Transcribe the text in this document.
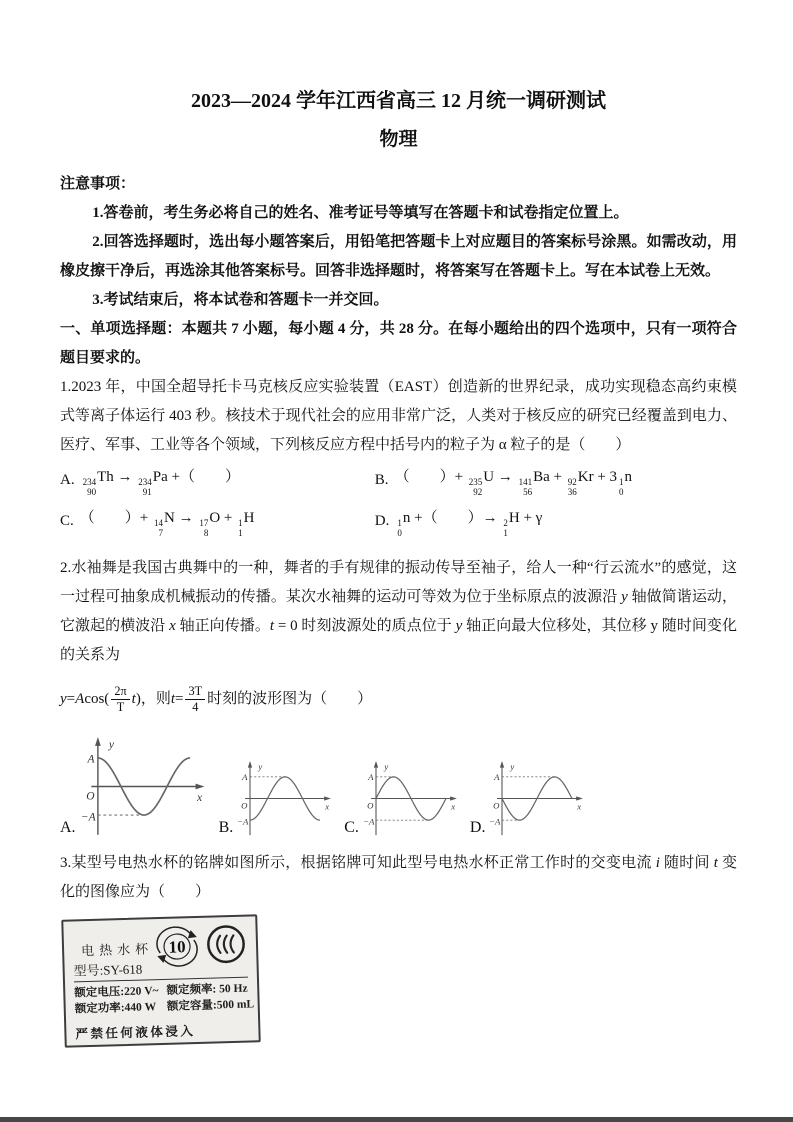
2023—2024 学年江西省高三 12 月统一调研测试
物理

注意事项：

1.答卷前，考生务必将自己的姓名、准考证号等填写在答题卡和试卷指定位置上。

2.回答选择题时，选出每小题答案后，用铅笔把答题卡上对应题目的答案标号涂黑。如需改动，用橡皮擦干净后，再选涂其他答案标号。回答非选择题时，将答案写在答题卡上。写在本试卷上无效。

3.考试结束后，将本试卷和答题卡一并交回。

一、单项选择题：本题共 7 小题，每小题 4 分，共 28 分。在每小题给出的四个选项中，只有一项符合题目要求的。

1.2023 年，中国全超导托卡马克核反应实验装置（EAST）创造新的世界纪录，成功实现稳态高约束模式等离子体运行 403 秒。核技术于现代社会的应用非常广泛，人类对于核反应的研究已经覆盖到电力、医疗、军事、工业等各个领域，下列核反应方程中括号内的粒子为 α 粒子的是（　　）

A. 234
90
Th → 234
91
Pa +（　　）	B. （　　）+ 235
92
U → 141
56
Ba + 92
36
Kr + 3 1
0
n
C. （　　）+ 14
7
N → 17
8
O + 1
1
H	D. 1
0
n +（　　）→ 2
1
H + γ

2.水袖舞是我国古典舞中的一种，舞者的手有规律的振动传导至袖子，给人一种“行云流水”的感觉，这一过程可抽象成机械振动的传播。某次水袖舞的运动可等效为位于坐标原点的波源沿 y 轴做简谐运动，它激起的横波沿 x 轴正向传播。t = 0 时刻波源处的质点位于 y 轴正向最大位移处，其位移 y 随时间变化的关系为

y = A $\cos( \frac{2\pi}{T}$ t )，则 $t = \frac{3T}{4}$ 时刻的波形图为（　　）
A.
y
x
A
O
−A
B.
y
x
A
O
−A	C.
y
x
A
O
−A	D.
y
x
A
O
−A

3.某型号电热水杯的铭牌如图所示，根据铭牌可知此型号电热水杯正常工作时的交变电流 i 随时间 t 变化的图像应为（　　）

电热水杯
型号:SY-618
10
额定电压:220 V~ 额定频率: 50 Hz
额定功率:440 W 额定容量:500 mL
严禁任何液体浸入
